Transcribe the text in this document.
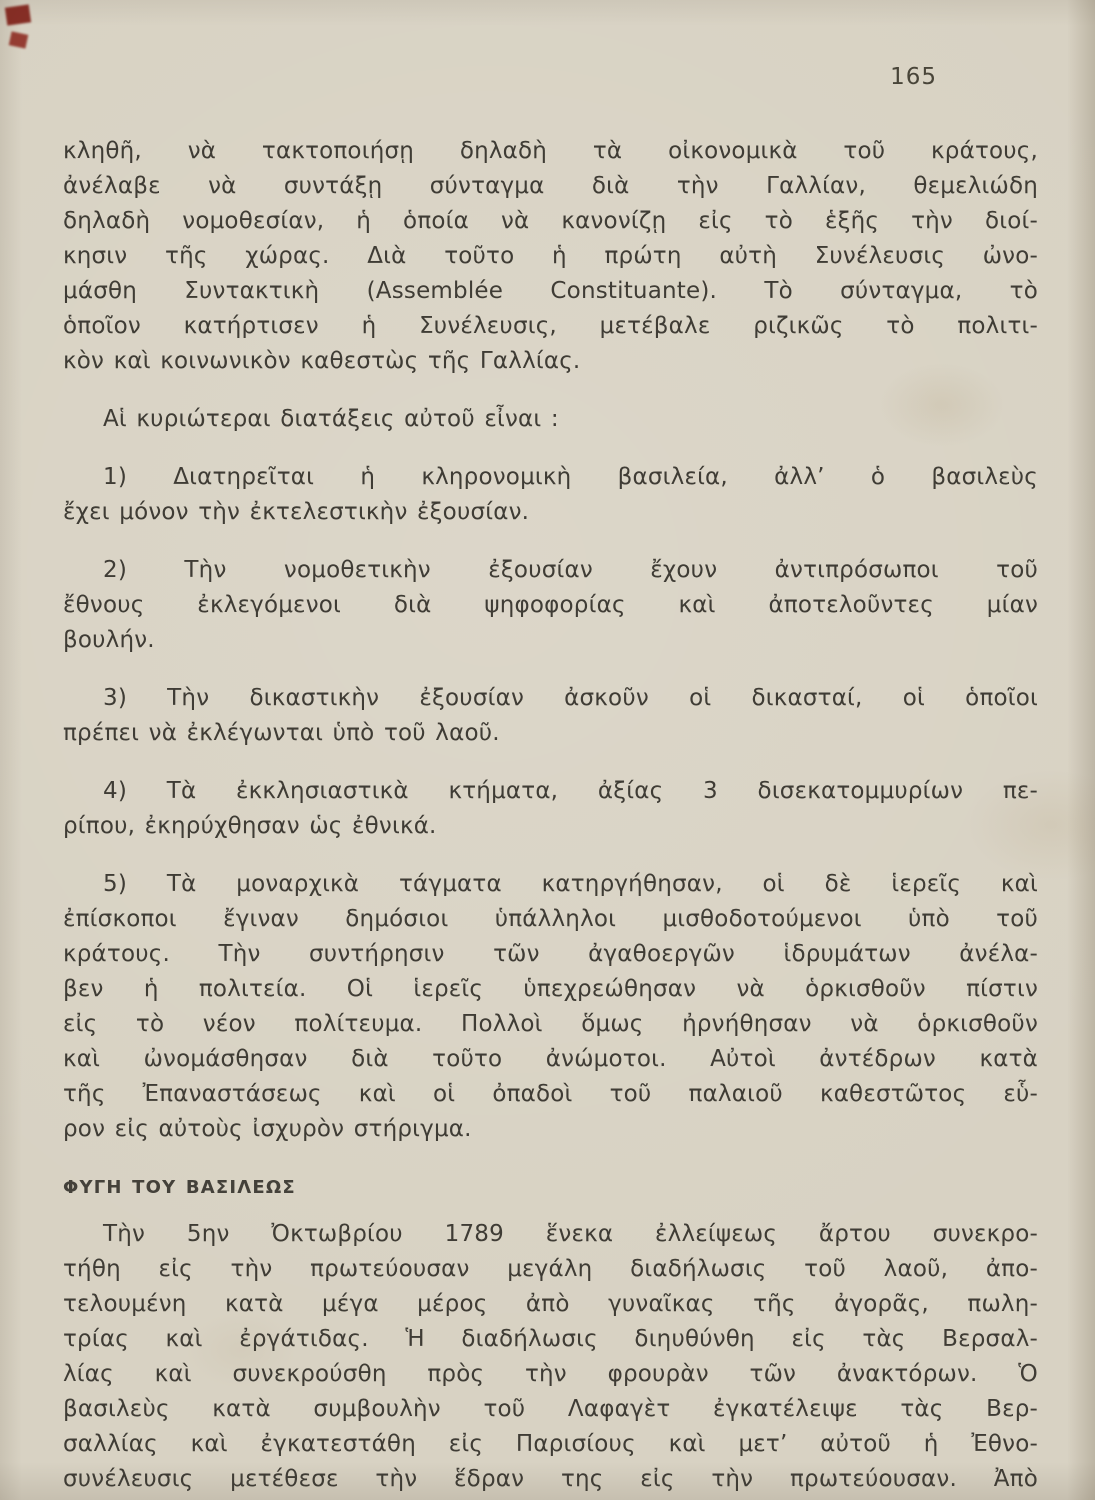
165

κληθῆ, νὰ τακτοποιήσῃ δηλαδὴ τὰ οἰκονομικὰ τοῦ κράτους,
ἀνέλαβε νὰ συντάξῃ σύνταγμα διὰ τὴν Γαλλίαν, θεμελιώδη
δηλαδὴ νομοθεσίαν, ἡ ὁποία νὰ κανονίζῃ εἰς τὸ ἑξῆς τὴν διοί-
κησιν τῆς χώρας. Διὰ τοῦτο ἡ πρώτη αὐτὴ Συνέλευσις ὠνο-
μάσθη Συντακτικὴ (Assemblée Constituante). Τὸ σύνταγμα, τὸ
ὁποῖον κατήρτισεν ἡ Συνέλευσις, μετέβαλε ριζικῶς τὸ πολιτι-
κὸν καὶ κοινωνικὸν καθεστὼς τῆς Γαλλίας.

Αἱ κυριώτεραι διατάξεις αὐτοῦ εἶναι :

1) Διατηρεῖται ἡ κληρονομικὴ βασιλεία, ἀλλ’ ὁ βασιλεὺς
ἔχει μόνον τὴν ἐκτελεστικὴν ἐξουσίαν.

2) Τὴν νομοθετικὴν ἐξουσίαν ἔχουν ἀντιπρόσωποι τοῦ
ἔθνους ἐκλεγόμενοι διὰ ψηφοφορίας καὶ ἀποτελοῦντες μίαν
βουλήν.

3) Τὴν δικαστικὴν ἐξουσίαν ἀσκοῦν οἱ δικασταί, οἱ ὁποῖοι
πρέπει νὰ ἐκλέγωνται ὑπὸ τοῦ λαοῦ.

4) Τὰ ἐκκλησιαστικὰ κτήματα, ἀξίας 3 δισεκατομμυρίων πε-
ρίπου, ἐκηρύχθησαν ὡς ἐθνικά.

5) Τὰ μοναρχικὰ τάγματα κατηργήθησαν, οἱ δὲ ἱερεῖς καὶ
ἐπίσκοποι ἔγιναν δημόσιοι ὑπάλληλοι μισθοδοτούμενοι ὑπὸ τοῦ
κράτους. Τὴν συντήρησιν τῶν ἀγαθοεργῶν ἱδρυμάτων ἀνέλα-
βεν ἡ πολιτεία. Οἱ ἱερεῖς ὑπεχρεώθησαν νὰ ὁρκισθοῦν πίστιν
εἰς τὸ νέον πολίτευμα. Πολλοὶ ὅμως ἠρνήθησαν νὰ ὁρκισθοῦν
καὶ ὠνομάσθησαν διὰ τοῦτο ἀνώμοτοι. Αὐτοὶ ἀντέδρων κατὰ
τῆς Ἐπαναστάσεως καὶ οἱ ὀπαδοὶ τοῦ παλαιοῦ καθεστῶτος εὗ-
ρον εἰς αὐτοὺς ἰσχυρὸν στήριγμα.

ΦΥΓΗ ΤΟΥ ΒΑΣΙΛΕΩΣ

Τὴν 5ην Ὀκτωβρίου 1789 ἕνεκα ἐλλείψεως ἄρτου συνεκρο-
τήθη εἰς τὴν πρωτεύουσαν μεγάλη διαδήλωσις τοῦ λαοῦ, ἀπο-
τελουμένη κατὰ μέγα μέρος ἀπὸ γυναῖκας τῆς ἀγορᾶς, πωλη-
τρίας καὶ ἐργάτιδας. Ἡ διαδήλωσις διηυθύνθη εἰς τὰς Βερσαλ-
λίας καὶ συνεκρούσθη πρὸς τὴν φρουρὰν τῶν ἀνακτόρων. Ὁ
βασιλεὺς κατὰ συμβουλὴν τοῦ Λαφαγὲτ ἐγκατέλειψε τὰς Βερ-
σαλλίας καὶ ἐγκατεστάθη εἰς Παρισίους καὶ μετ’ αὐτοῦ ἡ Ἐθνο-
συνέλευσις μετέθεσε τὴν ἕδραν της εἰς τὴν πρωτεύουσαν. Ἀπὸ
